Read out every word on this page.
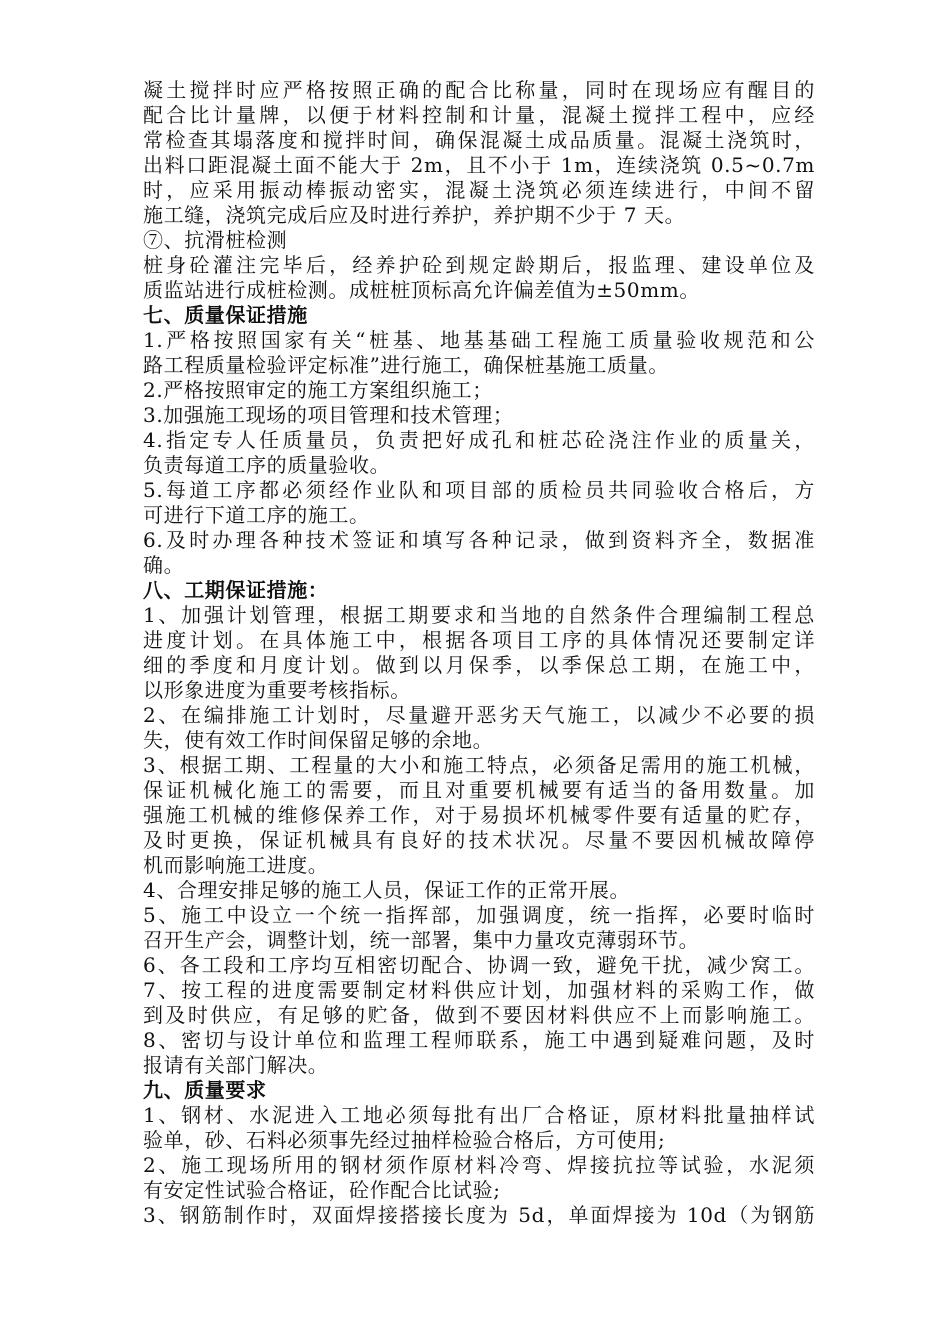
凝土搅拌时应严格按照正确的配合比称量，同时在现场应有醒目的
配合比计量牌，以便于材料控制和计量，混凝土搅拌工程中，应经
常检查其塌落度和搅拌时间，确保混凝土成品质量。混凝土浇筑时，
出料口距混凝土面不能大于 2m，且不小于 1m，连续浇筑 0.5~0.7m
时，应采用振动棒振动密实，混凝土浇筑必须连续进行，中间不留
施工缝，浇筑完成后应及时进行养护，养护期不少于 7 天。
⑦、抗滑桩检测
桩身砼灌注完毕后，经养护砼到规定龄期后，报监理、建设单位及
质监站进行成桩检测。成桩桩顶标高允许偏差值为±50mm。
七、质量保证措施
1.严格按照国家有关“桩基、地基基础工程施工质量验收规范和公
路工程质量检验评定标准”进行施工，确保桩基施工质量。
2.严格按照审定的施工方案组织施工；
3.加强施工现场的项目管理和技术管理；
4.指定专人任质量员，负责把好成孔和桩芯砼浇注作业的质量关，
负责每道工序的质量验收。
5.每道工序都必须经作业队和项目部的质检员共同验收合格后，方
可进行下道工序的施工。
6.及时办理各种技术签证和填写各种记录，做到资料齐全，数据准
确。
八、工期保证措施：
1、加强计划管理，根据工期要求和当地的自然条件合理编制工程总
进度计划。在具体施工中，根据各项目工序的具体情况还要制定详
细的季度和月度计划。做到以月保季，以季保总工期，在施工中，
以形象进度为重要考核指标。
2、在编排施工计划时，尽量避开恶劣天气施工，以减少不必要的损
失，使有效工作时间保留足够的余地。
3、根据工期、工程量的大小和施工特点，必须备足需用的施工机械，
保证机械化施工的需要，而且对重要机械要有适当的备用数量。加
强施工机械的维修保养工作，对于易损坏机械零件要有适量的贮存，
及时更换，保证机械具有良好的技术状况。尽量不要因机械故障停
机而影响施工进度。
4、合理安排足够的施工人员，保证工作的正常开展。
5、施工中设立一个统一指挥部，加强调度，统一指挥，必要时临时
召开生产会，调整计划，统一部署，集中力量攻克薄弱环节。
6、各工段和工序均互相密切配合、协调一致，避免干扰，减少窝工。
7、按工程的进度需要制定材料供应计划，加强材料的采购工作，做
到及时供应，有足够的贮备，做到不要因材料供应不上而影响施工。
8、密切与设计单位和监理工程师联系，施工中遇到疑难问题，及时
报请有关部门解决。
九、质量要求
1、钢材、水泥进入工地必须每批有出厂合格证，原材料批量抽样试
验单，砂、石料必须事先经过抽样检验合格后，方可使用;
2、施工现场所用的钢材须作原材料冷弯、焊接抗拉等试验，水泥须
有安定性试验合格证，砼作配合比试验;
3、钢筋制作时，双面焊接搭接长度为 5d，单面焊接为 10d（为钢筋
